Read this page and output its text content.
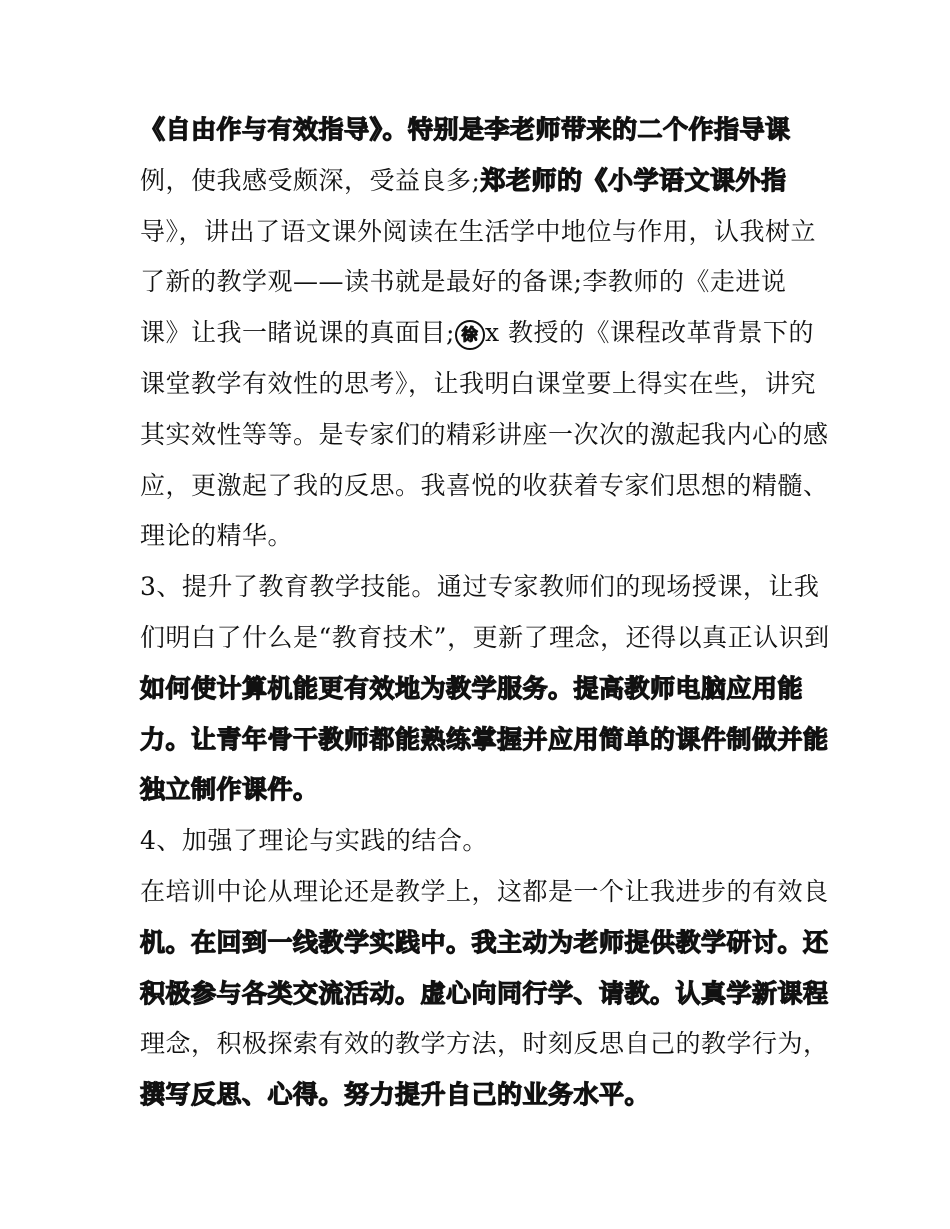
《自由作与有效指导》。特别是李老师带来的二个作指导课
例，使我感受颇深，受益良多;郑老师的《小学语文课外指
导》，讲出了语文课外阅读在生活学中地位与作用，认我树立
了新的教学观——读书就是最好的备课;李教师的《走进说
课》让我一睹说课的真面目; 徐 x 教授的《课程改革背景下的
课堂教学有效性的思考》，让我明白课堂要上得实在些，讲究
其实效性等等。是专家们的精彩讲座一次次的激起我内心的感
应，更激起了我的反思。我喜悦的收获着专家们思想的精髓、
理论的精华。
3、提升了教育教学技能。通过专家教师们的现场授课，让我
们明白了什么是“教育技术”，更新了理念，还得以真正认识到
如何使计算机能更有效地为教学服务。提高教师电脑应用能
力。让青年骨干教师都能熟练掌握并应用简单的课件制做并能
独立制作课件。
4、加强了理论与实践的结合。
在培训中论从理论还是教学上，这都是一个让我进步的有效良
机。在回到一线教学实践中。我主动为老师提供教学研讨。还
积极参与各类交流活动。虚心向同行学、请教。认真学新课程
理念，积极探索有效的教学方法，时刻反思自己的教学行为，
撰写反思、心得。努力提升自己的业务水平。
